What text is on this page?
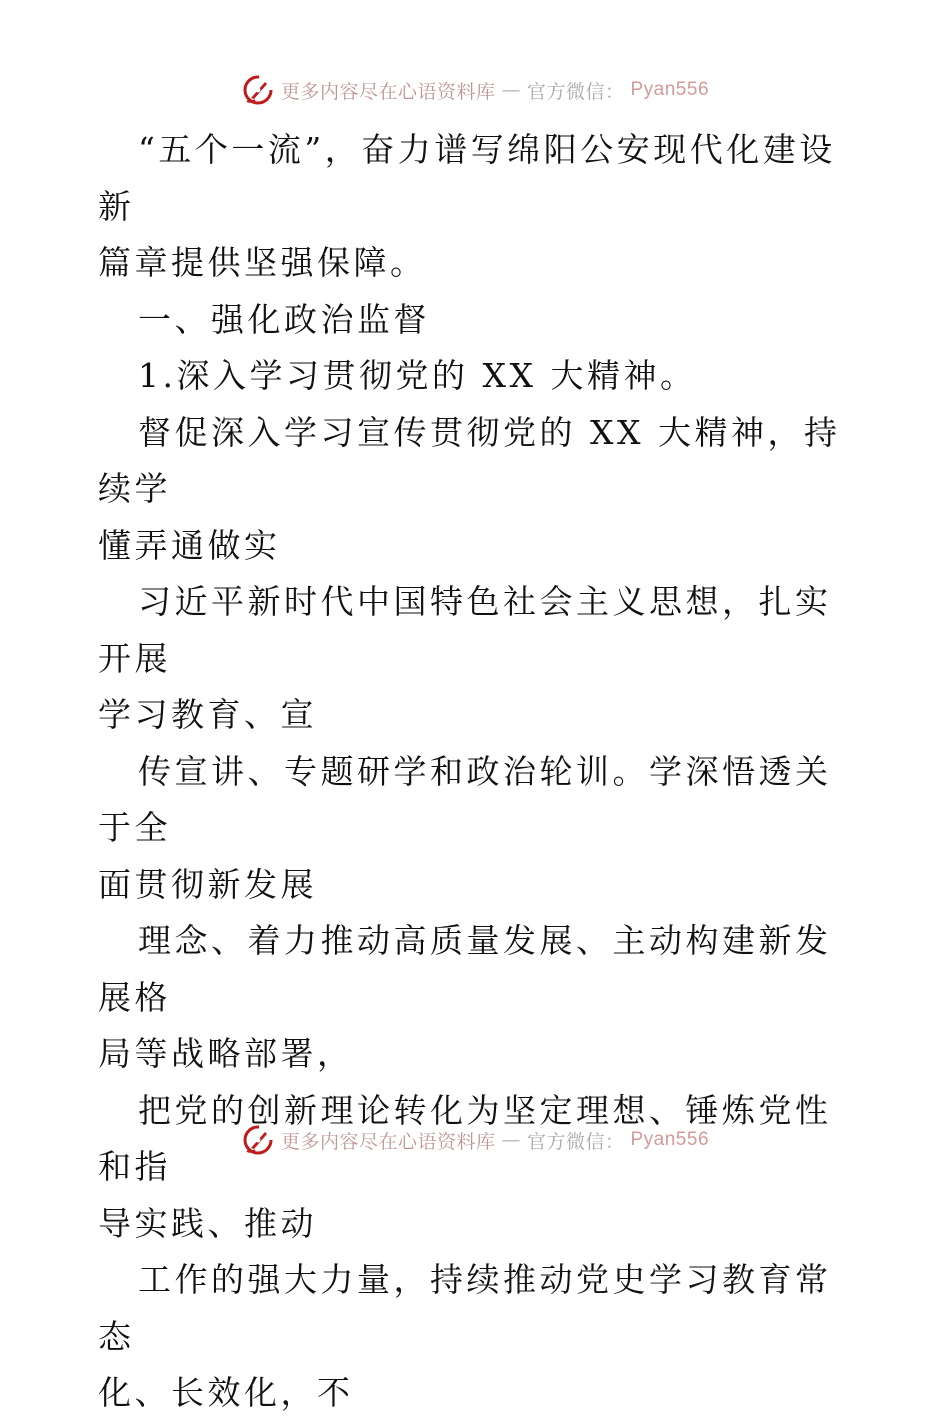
更多内容尽在心语资料库 — 官方微信： Pyan556

“五个一流”，奋力谱写绵阳公安现代化建设新

篇章提供坚强保障。

一、强化政治监督

1.深入学习贯彻党的 XX 大精神。

督促深入学习宣传贯彻党的 XX 大精神，持续学

懂弄通做实

习近平新时代中国特色社会主义思想，扎实开展

学习教育、宣

传宣讲、专题研学和政治轮训。学深悟透关于全

面贯彻新发展

理念、着力推动高质量发展、主动构建新发展格

局等战略部署，

把党的创新理论转化为坚定理想、锤炼党性和指

导实践、推动

工作的强大力量，持续推动党史学习教育常态

化、长效化，不

更多内容尽在心语资料库 — 官方微信： Pyan556
